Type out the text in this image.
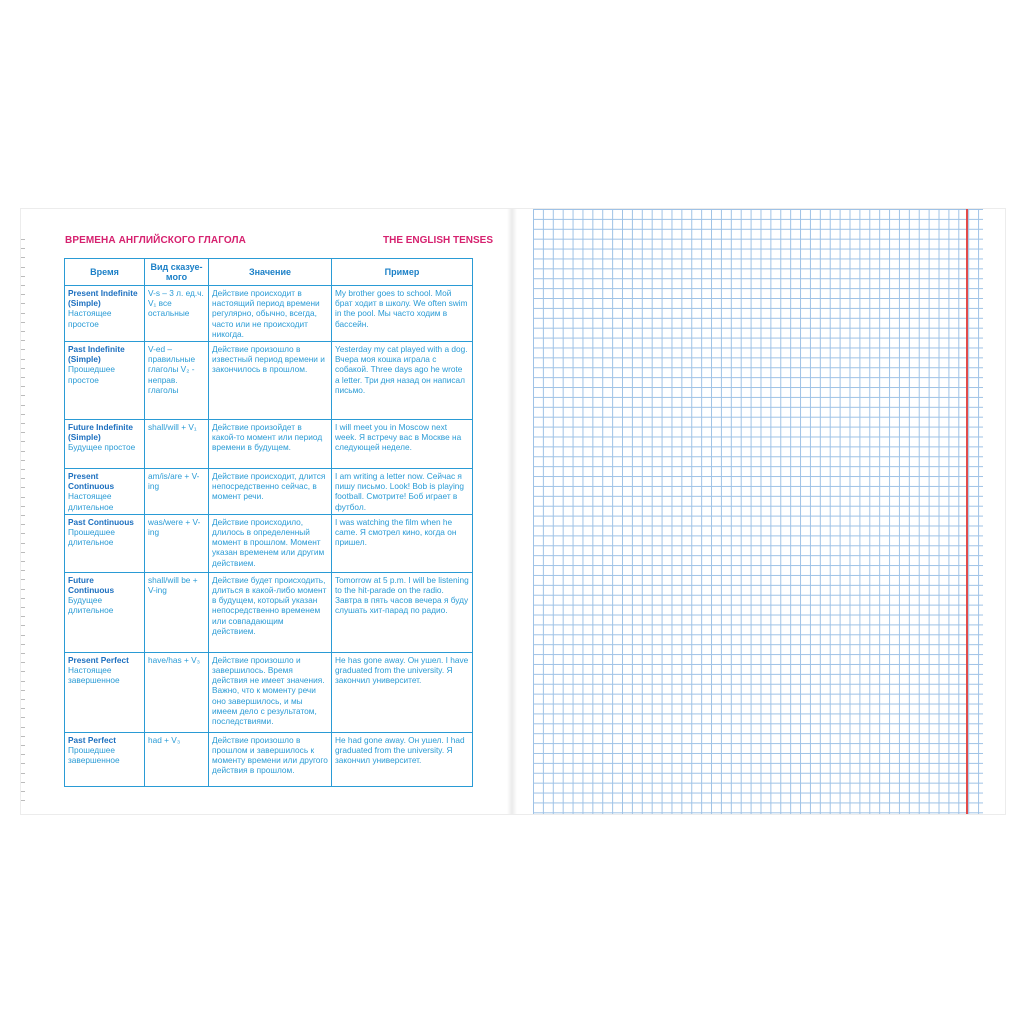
ВРЕМЕНА АНГЛИЙСКОГО ГЛАГОЛА	THE ENGLISH TENSES
Время	Вид сказуе-мого	Значение	Пример

Present Indefinite (Simple)
Настоящее простое	V-s – 3 л. ед.ч. V₁ все остальные	Действие происходит в настоящий период времени регулярно, обычно, всегда, часто или не происходит никогда.	My brother goes to school. Мой брат ходит в школу. We often swim in the pool. Мы часто ходим в бассейн.

Past Indefinite (Simple)
Прошедшее простое	V-ed – правильные глаголы V₂ - неправ. глаголы	Действие произошло в известный период времени и закончилось в прошлом.	Yesterday my cat played with a dog. Вчера моя кошка играла с собакой. Three days ago he wrote a letter. Три дня назад он написал письмо.

Future Indefinite (Simple)
Будущее простое	shall/will + V₁	Действие произойдет в какой-то момент или период времени в будущем.	I will meet you in Moscow next week. Я встречу вас в Москве на следующей неделе.

Present Continuous
Настоящее длительное	am/is/are + V-ing	Действие происходит, длится непосредственно сейчас, в момент речи.	I am writing a letter now. Сейчас я пишу письмо. Look! Bob is playing football. Смотрите! Боб играет в футбол.

Past Continuous
Прошедшее длительное	was/were + V-ing	Действие происходило, длилось в определенный момент в прошлом. Момент указан временем или другим действием.	I was watching the film when he came. Я смотрел кино, когда он пришел.

Future Continuous
Будущее длительное	shall/will be + V-ing	Действие будет происходить, длиться в какой-либо момент в будущем, который указан непосредственно временем или совпадающим действием.	Tomorrow at 5 p.m. I will be listening to the hit-parade on the radio. Завтра в пять часов вечера я буду слушать хит-парад по радио.

Present Perfect
Настоящее завершенное	have/has + V₃	Действие произошло и завершилось. Время действия не имеет значения. Важно, что к моменту речи оно завершилось, и мы имеем дело с результатом, последствиями.	He has gone away. Он ушел. I have graduated from the university. Я закончил университет.

Past Perfect
Прошедшее завершенное	had + V₃	Действие произошло в прошлом и завершилось к моменту времени или другого действия в прошлом.	He had gone away. Он ушел. I had graduated from the university. Я закончил университет.
